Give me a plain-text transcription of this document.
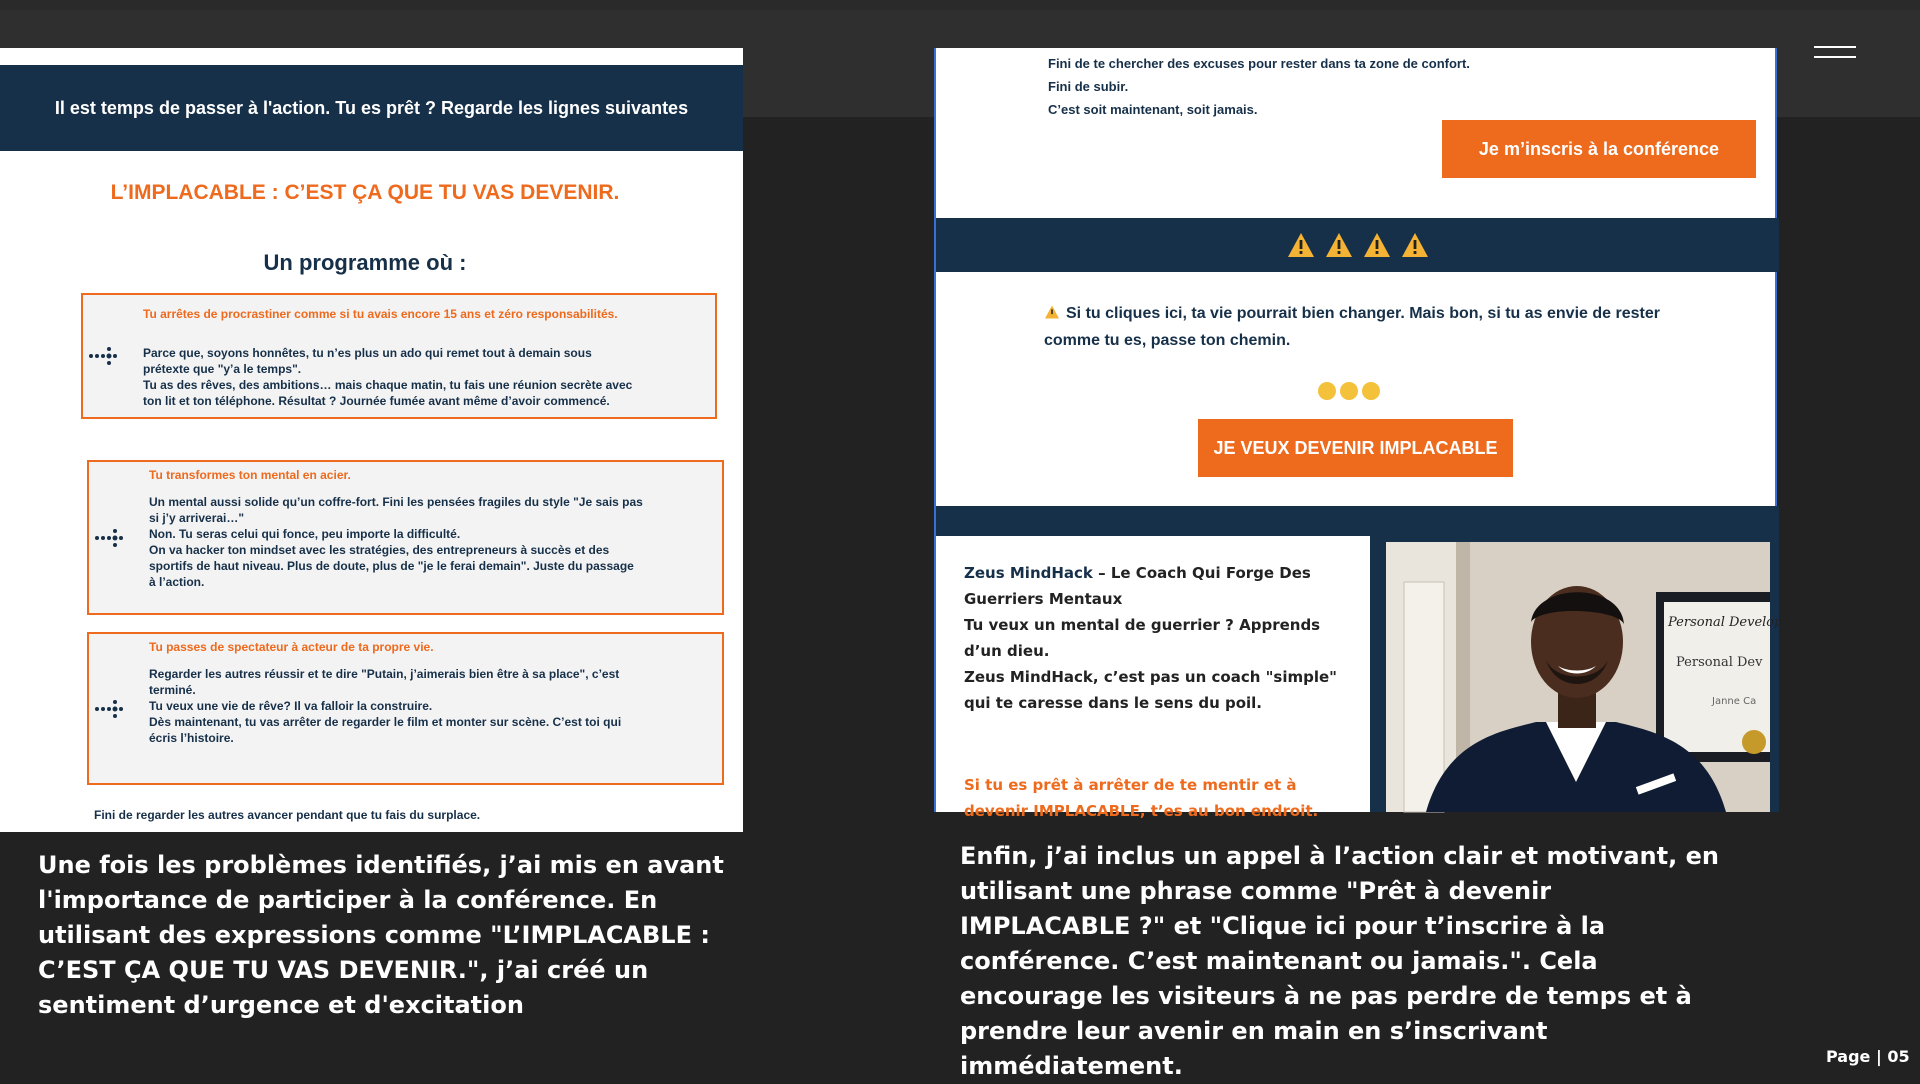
Il est temps de passer à l'action. Tu es prêt ? Regarde les lignes suivantes
L’IMPLACABLE : C’EST ÇA QUE TU VAS DEVENIR.
Un programme où :
Tu arrêtes de procrastiner comme si tu avais encore 15 ans et zéro responsabilités.
Parce que, soyons honnêtes, tu n’es plus un ado qui remet tout à demain sous
prétexte que "y’a le temps".
Tu as des rêves, des ambitions… mais chaque matin, tu fais une réunion secrète avec
ton lit et ton téléphone. Résultat ? Journée fumée avant même d’avoir commencé.
Tu transformes ton mental en acier.
Un mental aussi solide qu’un coffre-fort. Fini les pensées fragiles du style "Je sais pas
si j’y arriverai…"
Non. Tu seras celui qui fonce, peu importe la difficulté.
On va hacker ton mindset avec les stratégies, des entrepreneurs à succès et des
sportifs de haut niveau. Plus de doute, plus de "je le ferai demain". Juste du passage
à l’action.
Tu passes de spectateur à acteur de ta propre vie.
Regarder les autres réussir et te dire "Putain, j’aimerais bien être à sa place", c’est
terminé.
Tu veux une vie de rêve? Il va falloir la construire.
Dès maintenant, tu vas arrêter de regarder le film et monter sur scène. C’est toi qui
écris l’histoire.
Fini de regarder les autres avancer pendant que tu fais du surplace.
Fini de te chercher des excuses pour rester dans ta zone de confort.
Fini de subir.
C’est soit maintenant, soit jamais.
Je m’inscris à la conférence
Si tu cliques ici, ta vie pourrait bien changer. Mais bon, si tu as envie de rester comme tu es, passe ton chemin.
JE VEUX DEVENIR IMPLACABLE
Zeus MindHack – Le Coach Qui Forge Des Guerriers Mentaux
Tu veux un mental de guerrier ? Apprends d’un dieu.
Zeus MindHack, c’est pas un coach "simple" qui te caresse dans le sens du poil.
Si tu es prêt à arrêter de te mentir et à devenir IMPLACABLE, t’es au bon endroit.
Personal Develop
Personal Dev
Janne Ca
Une fois les problèmes identifiés, j’ai mis en avant l'importance de participer à la conférence. En utilisant des expressions comme "L’IMPLACABLE : C’EST ÇA QUE TU VAS DEVENIR.", j’ai créé un sentiment d’urgence et d'excitation
Enfin, j’ai inclus un appel à l’action clair et motivant, en utilisant une phrase comme "Prêt à devenir IMPLACABLE ?" et "Clique ici pour t’inscrire à la conférence. C’est maintenant ou jamais.". Cela encourage les visiteurs à ne pas perdre de temps et à prendre leur avenir en main en s’inscrivant immédiatement.	Page | 05
